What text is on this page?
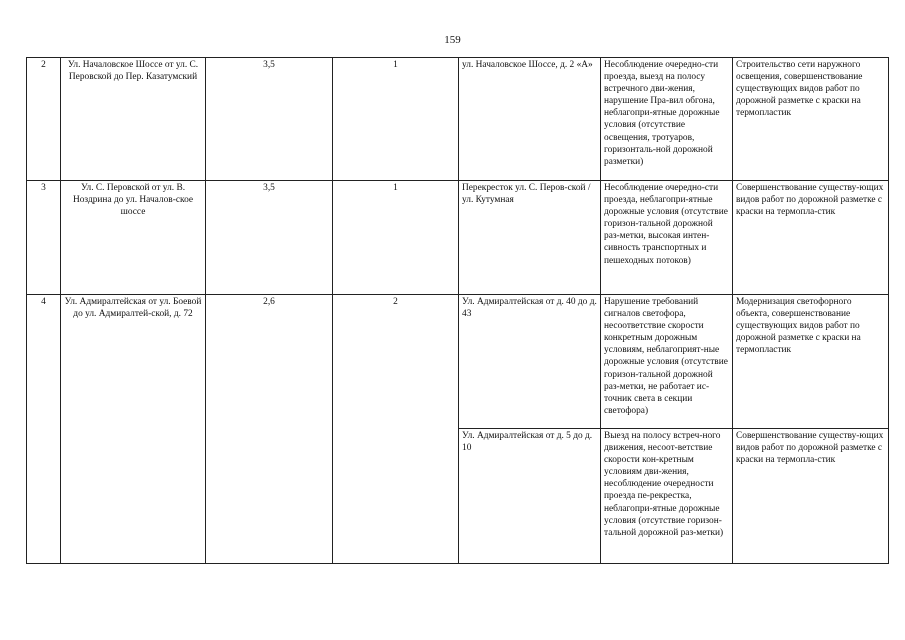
159
2	Ул. Началовское Шоссе от ул. С. Перовской до Пер. Казатумский	3,5	1	ул. Началовское Шоссе, д. 2 «А»	Несоблюдение очередно-сти проезда, выезд на полосу встречного дви-жения, нарушение Пра-вил обгона, неблагопри-ятные дорожные условия (отсутствие освещения, тротуаров, горизонталь-ной дорожной разметки)	Строительство сети наружного освещения, совершенствование существующих видов работ по дорожной разметке с краски на термопластик
3	Ул. С. Перовской от ул. В. Ноздрина до ул. Началов-ское шоссе	3,5	1	Перекресток ул. С. Перов-ской / ул. Кутумная	Несоблюдение очередно-сти проезда, неблагопри-ятные дорожные условия (отсутствие горизон-тальной дорожной раз-метки, высокая интен-сивность транспортных и пешеходных потоков)	Совершенствование существу-ющих видов работ по дорожной разметке с краски на термопла-стик
4	Ул. Адмиралтейская от ул. Боевой до ул. Адмиралтей-ской, д. 72	2,6	2	Ул. Адмиралтейская от д. 40 до д. 43	Нарушение требований сигналов светофора, несоответствие скорости конкретным дорожным условиям, неблагоприят-ные дорожные условия (отсутствие горизон-тальной дорожной раз-метки, не работает ис-точник света в секции светофора)	Модернизация светофорного объекта, совершенствование существующих видов работ по дорожной разметке с краски на термопластик
				Ул. Адмиралтейская от д. 5 до д. 10	Выезд на полосу встреч-ного движения, несоот-ветствие скорости кон-кретным условиям дви-жения, несоблюдение очередности проезда пе-рекрестка, неблагопри-ятные дорожные условия (отсутствие горизон-тальной дорожной раз-метки)	Совершенствование существу-ющих видов работ по дорожной разметке с краски на термопла-стик
